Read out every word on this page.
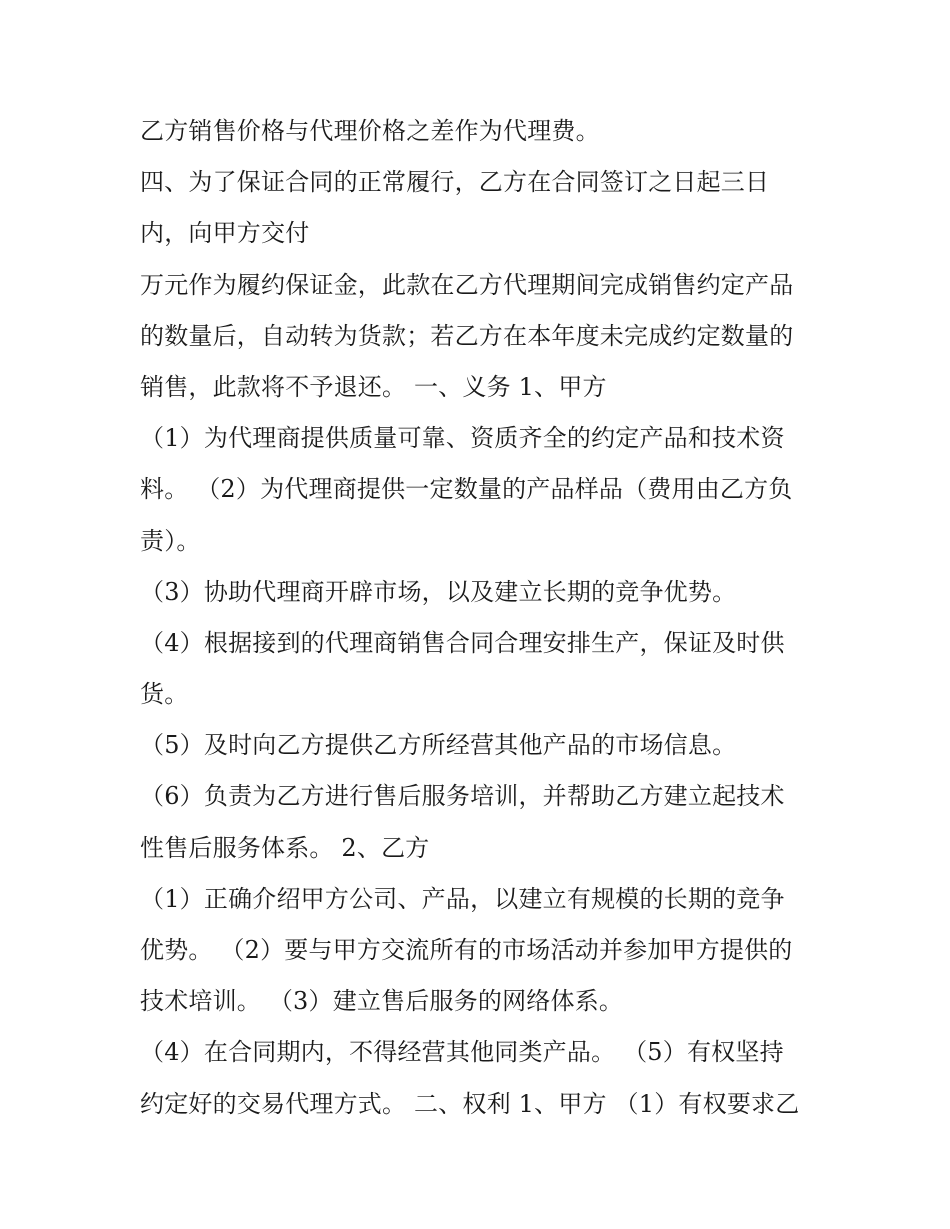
乙方销售价格与代理价格之差作为代理费。
四、为了保证合同的正常履行，乙方在合同签订之日起三日
内，向甲方交付
万元作为履约保证金，此款在乙方代理期间完成销售约定产品
的数量后，自动转为货款；若乙方在本年度未完成约定数量的
销售，此款将不予退还。 一、义务 1、甲方
（1）为代理商提供质量可靠、资质齐全的约定产品和技术资
料。 （2）为代理商提供一定数量的产品样品（费用由乙方负
责）。
（3）协助代理商开辟市场，以及建立长期的竞争优势。
（4）根据接到的代理商销售合同合理安排生产，保证及时供
货。
（5）及时向乙方提供乙方所经营其他产品的市场信息。
（6）负责为乙方进行售后服务培训，并帮助乙方建立起技术
性售后服务体系。 2、乙方
（1）正确介绍甲方公司、产品，以建立有规模的长期的竞争
优势。 （2）要与甲方交流所有的市场活动并参加甲方提供的
技术培训。 （3）建立售后服务的网络体系。
（4）在合同期内，不得经营其他同类产品。 （5）有权坚持
约定好的交易代理方式。 二、权利 1、甲方 （1）有权要求乙
